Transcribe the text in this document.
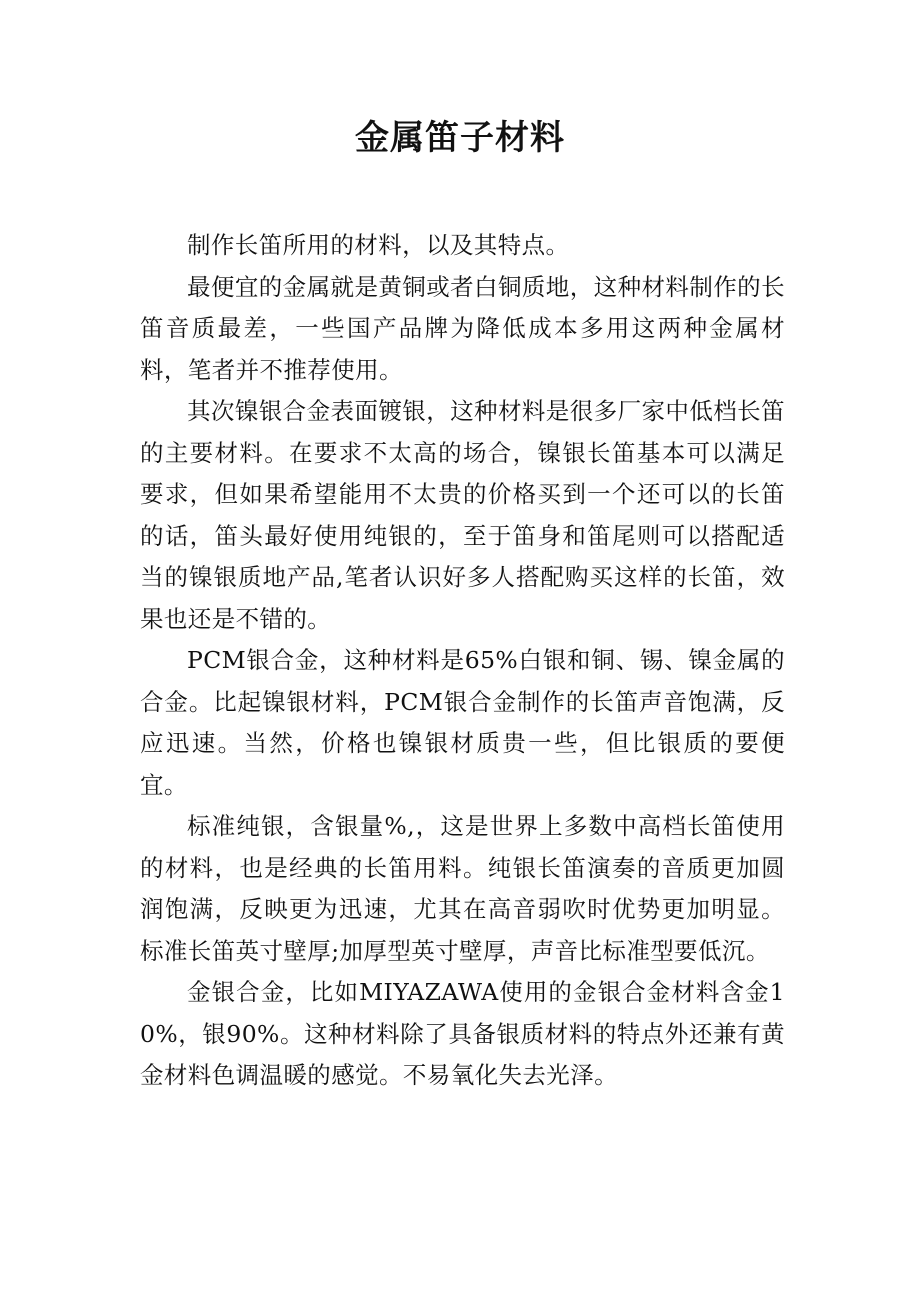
金属笛子材料

制作长笛所用的材料，以及其特点。

最便宜的金属就是黄铜或者白铜质地，这种材料制作的长笛音质最差，一些国产品牌为降低成本多用这两种金属材料，笔者并不推荐使用。

其次镍银合金表面镀银，这种材料是很多厂家中低档长笛的主要材料。在要求不太高的场合，镍银长笛基本可以满足要求，但如果希望能用不太贵的价格买到一个还可以的长笛的话，笛头最好使用纯银的，至于笛身和笛尾则可以搭配适当的镍银质地产品,笔者认识好多人搭配购买这样的长笛，效果也还是不错的。

PCM银合金，这种材料是65%白银和铜、锡、镍金属的合金。比起镍银材料，PCM银合金制作的长笛声音饱满，反应迅速。当然，价格也镍银材质贵一些，但比银质的要便宜。

标准纯银，含银量%,，这是世界上多数中高档长笛使用的材料，也是经典的长笛用料。纯银长笛演奏的音质更加圆润饱满，反映更为迅速，尤其在高音弱吹时优势更加明显。标准长笛英寸壁厚;加厚型英寸壁厚，声音比标准型要低沉。

金银合金，比如MIYAZAWA使用的金银合金材料含金10%，银90%。这种材料除了具备银质材料的特点外还兼有黄金材料色调温暖的感觉。不易氧化失去光泽。
